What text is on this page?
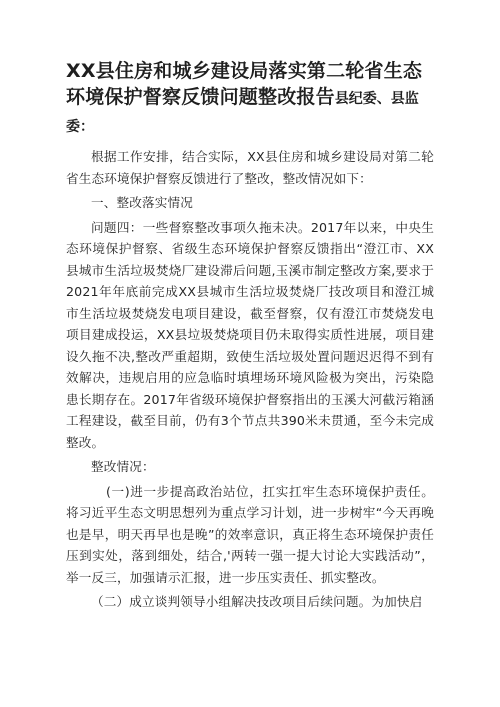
XX县住房和城乡建设局落实第二轮省生态环境保护督察反馈问题整改报告县纪委、县监委：

根据工作安排，结合实际，XX县住房和城乡建设局对第二轮省生态环境保护督察反馈进行了整改，整改情况如下：

一、整改落实情况

问题四：一些督察整改事项久拖未决。2017年以来，中央生态环境保护督察、省级生态环境保护督察反馈指出“澄江市、XX县城市生活垃圾焚烧厂建设滞后问题,玉溪市制定整改方案,要求于2021年年底前完成XX县城市生活垃圾焚烧厂技改项目和澄江城市生活垃圾焚烧发电项目建设，截至督察，仅有澄江市焚烧发电项目建成投运，XX县垃圾焚烧项目仍未取得实质性进展，项目建设久拖不决,整改严重超期，致使生活垃圾处置问题迟迟得不到有效解决，违规启用的应急临时填埋场环境风险极为突出，污染隐患长期存在。2017年省级环境保护督察指出的玉溪大河截污箱涵工程建设，截至目前，仍有3个节点共390米未贯通，至今未完成整改。

整改情况：

(一)进一步提高政治站位，扛实扛牢生态环境保护责任。将习近平生态文明思想列为重点学习计划，进一步树牢“今天再晚也是早，明天再早也是晚”的效率意识，真正将生态环境保护责任压到实处，落到细处，结合,'两转一强一提大讨论大实践活动”，举一反三，加强请示汇报，进一步压实责任、抓实整改。

（二）成立谈判领导小组解决技改项目后续问题。为加快启
